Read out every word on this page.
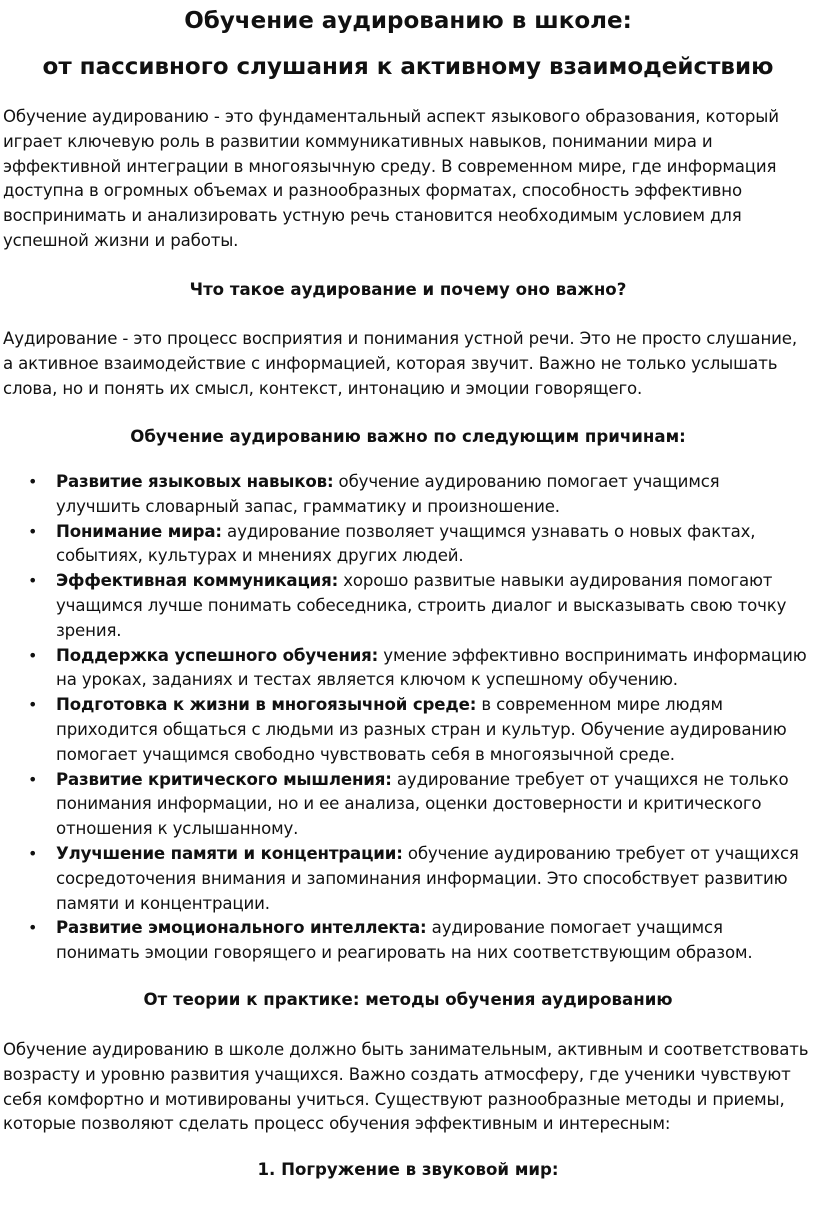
Обучение аудированию в школе:
от пассивного слушания к активному взаимодействию

Обучение аудированию - это фундаментальный аспект языкового образования, который играет ключевую роль в развитии коммуникативных навыков, понимании мира и эффективной интеграции в многоязычную среду. В современном мире, где информация доступна в огромных объемах и разнообразных форматах, способность эффективно воспринимать и анализировать устную речь становится необходимым условием для успешной жизни и работы.

Что такое аудирование и почему оно важно?

Аудирование - это процесс восприятия и понимания устной речи. Это не просто слушание, а активное взаимодействие с информацией, которая звучит. Важно не только услышать слова, но и понять их смысл, контекст, интонацию и эмоции говорящего.

Обучение аудированию важно по следующим причинам:
• Развитие языковых навыков: обучение аудированию помогает учащимся улучшить словарный запас, грамматику и произношение.
• Понимание мира: аудирование позволяет учащимся узнавать о новых фактах, событиях, культурах и мнениях других людей.
• Эффективная коммуникация: хорошо развитые навыки аудирования помогают учащимся лучше понимать собеседника, строить диалог и высказывать свою точку зрения.
• Поддержка успешного обучения: умение эффективно воспринимать информацию на уроках, заданиях и тестах является ключом к успешному обучению.
• Подготовка к жизни в многоязычной среде: в современном мире людям приходится общаться с людьми из разных стран и культур. Обучение аудированию помогает учащимся свободно чувствовать себя в многоязычной среде.
• Развитие критического мышления: аудирование требует от учащихся не только понимания информации, но и ее анализа, оценки достоверности и критического отношения к услышанному.
• Улучшение памяти и концентрации: обучение аудированию требует от учащихся сосредоточения внимания и запоминания информации. Это способствует развитию памяти и концентрации.
• Развитие эмоционального интеллекта: аудирование помогает учащимся понимать эмоции говорящего и реагировать на них соответствующим образом.
От теории к практике: методы обучения аудированию

Обучение аудированию в школе должно быть занимательным, активным и соответствовать возрасту и уровню развития учащихся. Важно создать атмосферу, где ученики чувствуют себя комфортно и мотивированы учиться. Существуют разнообразные методы и приемы, которые позволяют сделать процесс обучения эффективным и интересным:

1. Погружение в звуковой мир:
